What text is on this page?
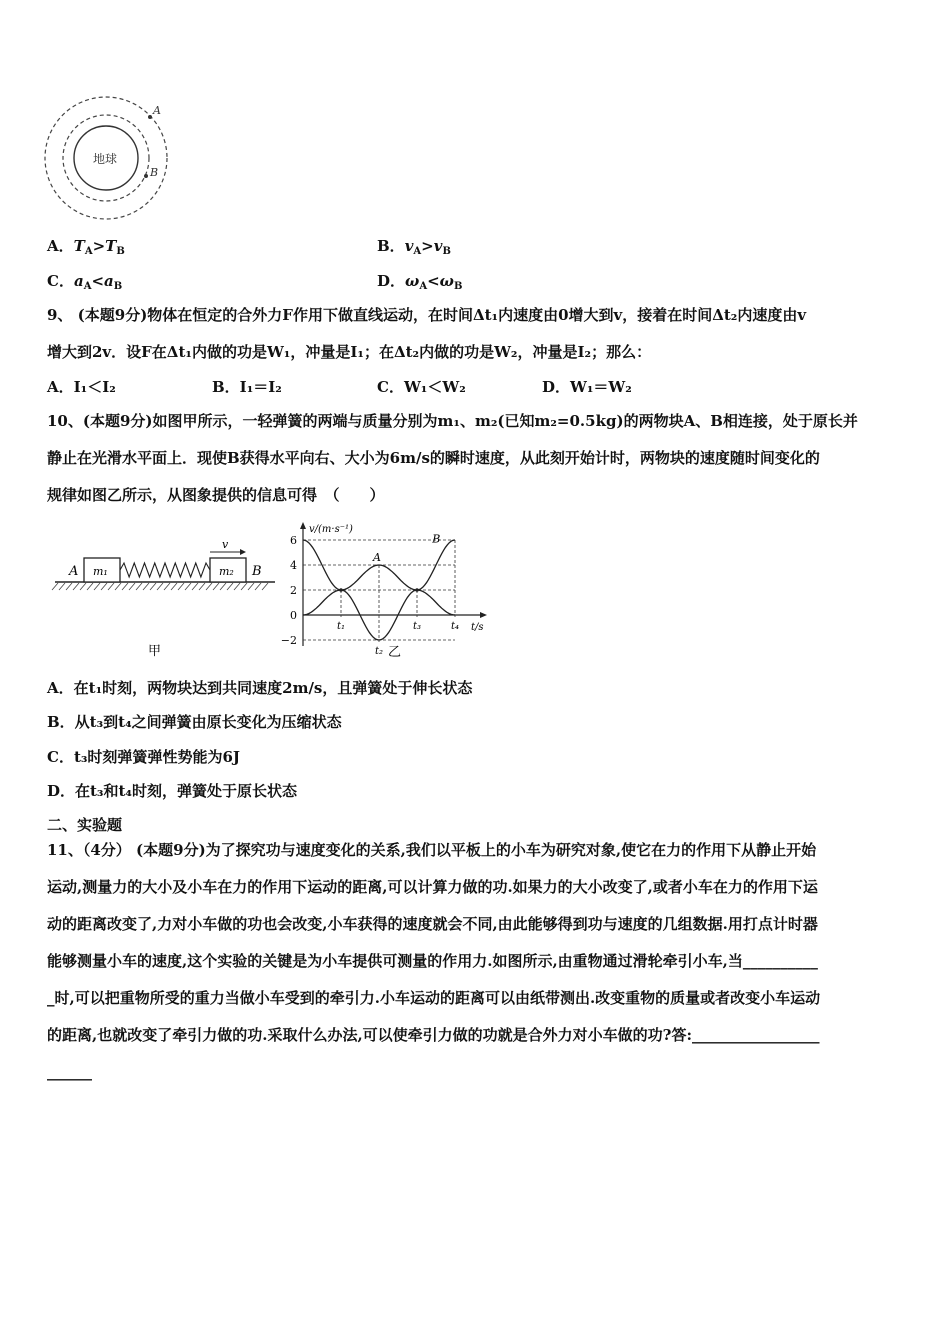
地球
A
B
A．$T_A>T_B$	B．$v_A>v_B$
C．$a_A<a_B$	D．$\omega_A<\omega_B$
9、 (本题9分)物体在恒定的合外力F作用下做直线运动，在时间Δt₁内速度由0增大到v，接着在时间Δt₂内速度由v
增大到2v．设F在Δt₁内做的功是W₁，冲量是I₁；在Δt₂内做的功是W₂，冲量是I₂；那么：
A．I₁＜I₂	B．I₁＝I₂	C．W₁＜W₂	D．W₁＝W₂
10、(本题9分)如图甲所示，一轻弹簧的两端与质量分别为m₁、m₂(已知m₂=0.5kg)的两物块A、B相连接，处于原长并
静止在光滑水平面上．现使B获得水平向右、大小为6m/s的瞬时速度，从此刻开始计时，两物块的速度随时间变化的
规律如图乙所示，从图象提供的信息可得　（　　）
m₁	m₂
A	B
v
甲
6
4
2
0
−2
t₁
t₂
t₃	t₄
A
B
v/(m·s⁻¹)
t/s
乙
A．在t₁时刻，两物块达到共同速度2m/s，且弹簧处于伸长状态
B．从t₃到t₄之间弹簧由原长变化为压缩状态
C．t₃时刻弹簧弹性势能为6J
D．在t₃和t₄时刻，弹簧处于原长状态
二、实验题
11、（4分） (本题9分)为了探究功与速度变化的关系,我们以平板上的小车为研究对象,使它在力的作用下从静止开始
运动,测量力的大小及小车在力的作用下运动的距离,可以计算力做的功.如果力的大小改变了,或者小车在力的作用下运
动的距离改变了,力对小车做的功也会改变,小车获得的速度就会不同,由此能够得到功与速度的几组数据.用打点计时器
能够测量小车的速度,这个实验的关键是为小车提供可测量的作用力.如图所示,由重物通过滑轮牵引小车,当__________
_时,可以把重物所受的重力当做小车受到的牵引力.小车运动的距离可以由纸带测出.改变重物的质量或者改变小车运动
的距离,也就改变了牵引力做的功.采取什么办法,可以使牵引力做的功就是合外力对小车做的功?答:_________________
______
